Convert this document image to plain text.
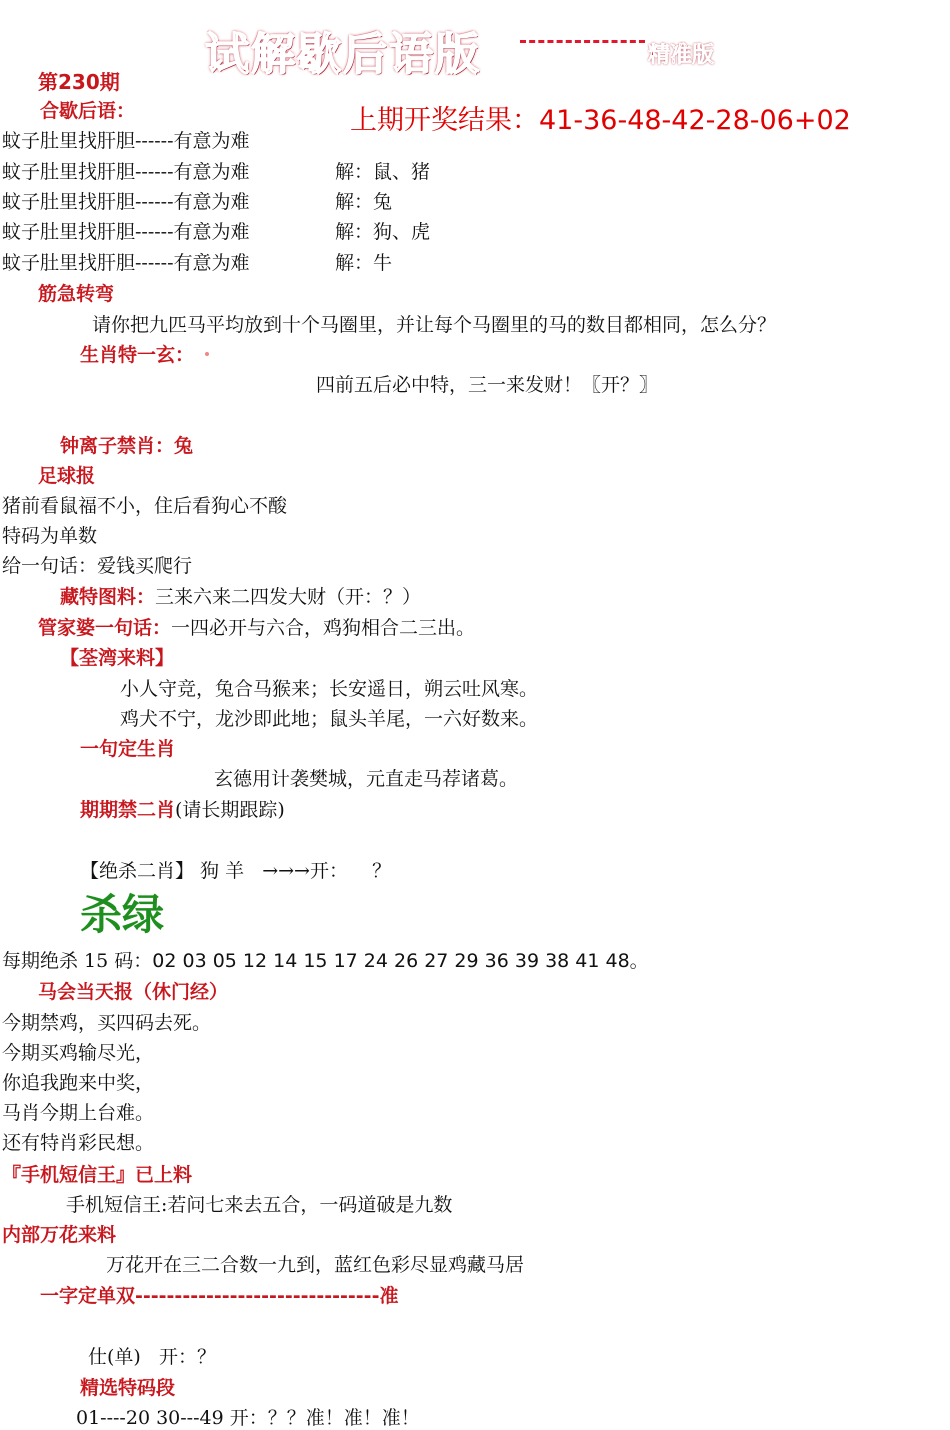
试解歇后语版	精准版
第230期
上期开奖结果：41-36-48-42-28-06+02
合歇后语：
蚊子肚里找肝胆------有意为难
蚊子肚里找肝胆------有意为难	解：鼠、猪
蚊子肚里找肝胆------有意为难	解：兔
蚊子肚里找肝胆------有意为难	解：狗、虎
蚊子肚里找肝胆------有意为难	解：牛
筋急转弯
请你把九匹马平均放到十个马圈里，并让每个马圈里的马的数目都相同，怎么分？
生肖特一玄：
四前五后必中特，三一来发财！〖开？〗
钟离子禁肖：兔
足球报
猪前看鼠福不小，住后看狗心不酸
特码为单数
给一句话：爱钱买爬行
藏特图料：三来六来二四发大财（开：？）
管家婆一句话：一四必开与六合，鸡狗相合二三出。
【荃湾来料】
小人守竞，兔合马猴来；长安遥日，朔云吐风寒。
鸡犬不宁，龙沙即此地；鼠头羊尾，一六好数来。
一句定生肖
玄德用计袭樊城，元直走马荐诸葛。
期期禁二肖(请长期跟踪)
【绝杀二肖】 狗 羊   →→→开：    ？
杀绿
每期绝杀 15 码：02 03 05 12 14 15 17 24 26 27 29 36 39 38 41 48。
马会当天报（休门经）
今期禁鸡，买四码去死。
今期买鸡输尽光，
你追我跑来中奖，
马肖今期上台难。
还有特肖彩民想。
『手机短信王』已上料
手机短信王:若问七来去五合，一码道破是九数
内部万花来料
万花开在三二合数一九到，蓝红色彩尽显鸡藏马居
一字定单双-------------------------------准
仕(单)   开：？
精选特码段
01----20 30---49 开：？？准！准！准！
